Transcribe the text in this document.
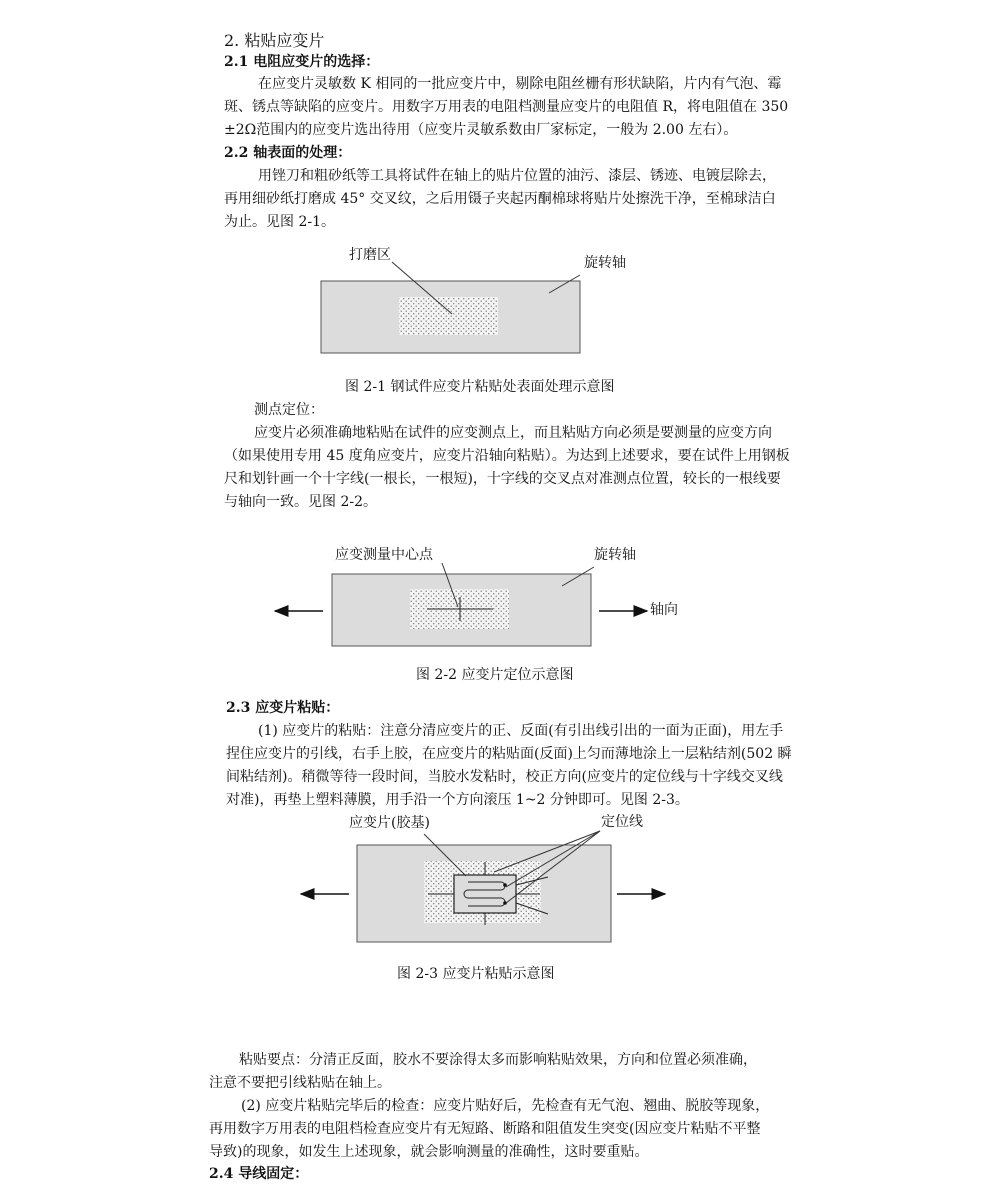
2. 粘贴应变片
2.1 电阻应变片的选择：
在应变片灵敏数 K 相同的一批应变片中，剔除电阻丝栅有形状缺陷，片内有气泡、霉
斑、锈点等缺陷的应变片。用数字万用表的电阻档测量应变片的电阻值 R，将电阻值在 350
±2Ω范围内的应变片选出待用（应变片灵敏系数由厂家标定，一般为 2.00 左右）。
2.2 轴表面的处理：
用锉刀和粗砂纸等工具将试件在轴上的贴片位置的油污、漆层、锈迹、电镀层除去，
再用细砂纸打磨成 45° 交叉纹，之后用镊子夹起丙酮棉球将贴片处擦洗干净，至棉球洁白
为止。见图 2-1。
打磨区	旋转轴
图 2-1 钢试件应变片粘贴处表面处理示意图
测点定位：
应变片必须准确地粘贴在试件的应变测点上，而且粘贴方向必须是要测量的应变方向
（如果使用专用 45 度角应变片，应变片沿轴向粘贴）。为达到上述要求，要在试件上用钢板
尺和划针画一个十字线(一根长，一根短)，十字线的交叉点对准测点位置，较长的一根线要
与轴向一致。见图 2-2。
应变测量中心点	旋转轴
轴向
图 2-2 应变片定位示意图
2.3 应变片粘贴：
(1) 应变片的粘贴：注意分清应变片的正、反面(有引出线引出的一面为正面)，用左手
捏住应变片的引线，右手上胶，在应变片的粘贴面(反面)上匀而薄地涂上一层粘结剂(502 瞬
间粘结剂)。稍微等待一段时间，当胶水发粘时，校正方向(应变片的定位线与十字线交叉线
对准)，再垫上塑料薄膜，用手沿一个方向滚压 1~2 分钟即可。见图 2-3。
应变片(胶基)	定位线
图 2-3 应变片粘贴示意图
粘贴要点：分清正反面，胶水不要涂得太多而影响粘贴效果，方向和位置必须准确，
注意不要把引线粘贴在轴上。
(2) 应变片粘贴完毕后的检查：应变片贴好后，先检查有无气泡、翘曲、脱胶等现象，
再用数字万用表的电阻档检查应变片有无短路、断路和阻值发生突变(因应变片粘贴不平整
导致)的现象，如发生上述现象，就会影响测量的准确性，这时要重贴。
2.4 导线固定：
